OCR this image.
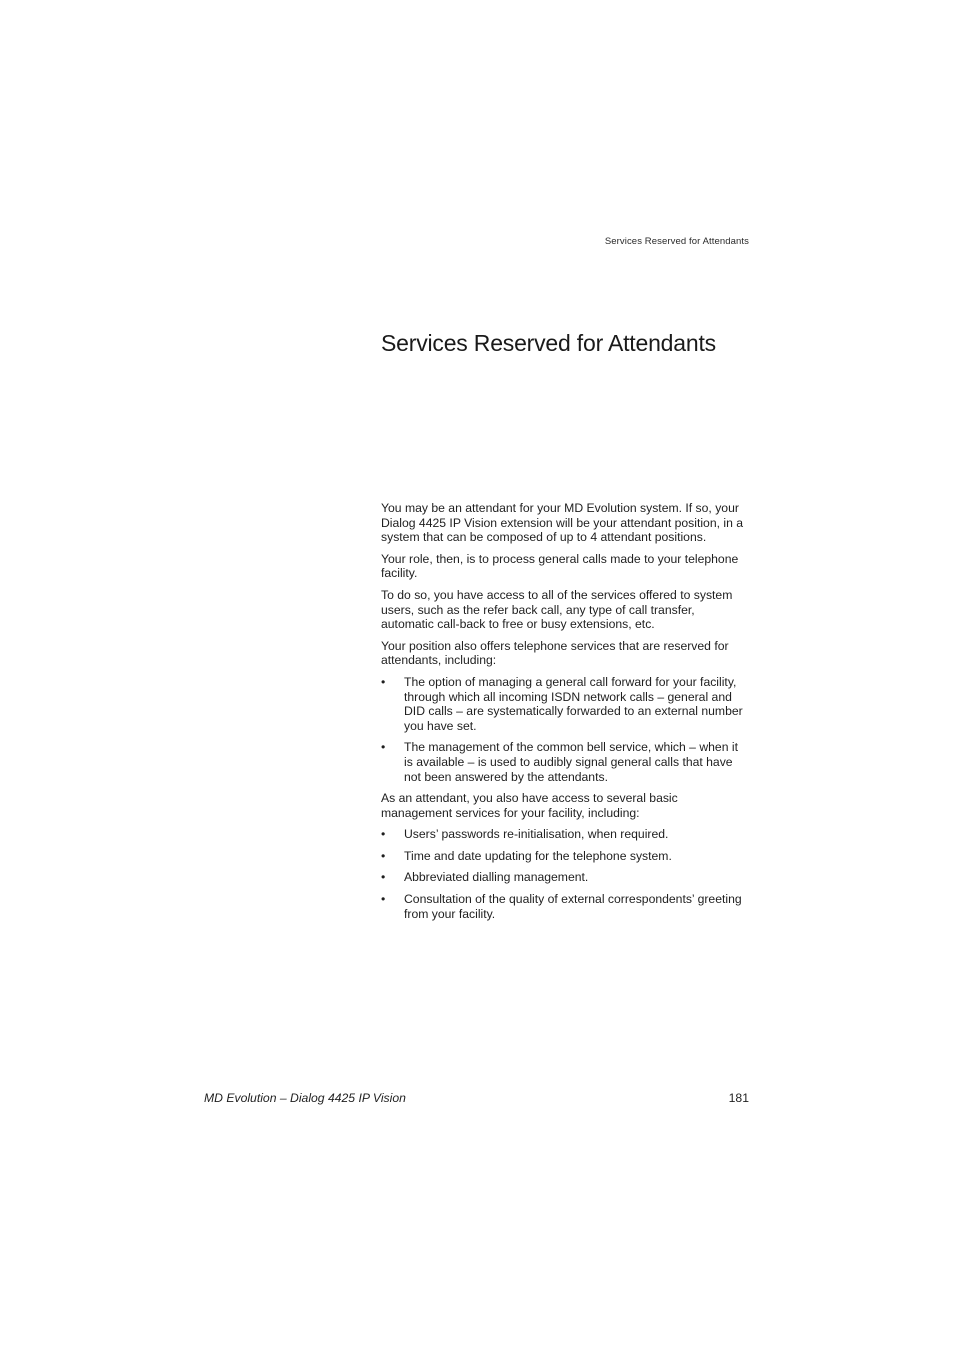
Services Reserved for Attendants
Services Reserved for Attendants

You may be an attendant for your MD Evolution system. If so, your Dialog 4425 IP Vision extension will be your attendant position, in a system that can be composed of up to 4 attendant positions.

Your role, then, is to process general calls made to your telephone facility.

To do so, you have access to all of the services offered to system users, such as the refer back call, any type of call transfer, automatic call-back to free or busy extensions, etc.

Your position also offers telephone services that are reserved for attendants, including:

• The option of managing a general call forward for your facility, through which all incoming ISDN network calls – general and DID calls – are systematically forwarded to an external number you have set.
• The management of the common bell service, which – when it is available – is used to audibly signal general calls that have not been answered by the attendants.

As an attendant, you also have access to several basic management services for your facility, including:

• Users’ passwords re-initialisation, when required.
• Time and date updating for the telephone system.
• Abbreviated dialling management.
• Consultation of the quality of external correspondents’ greeting from your facility.
MD Evolution – Dialog 4425 IP Vision	181
